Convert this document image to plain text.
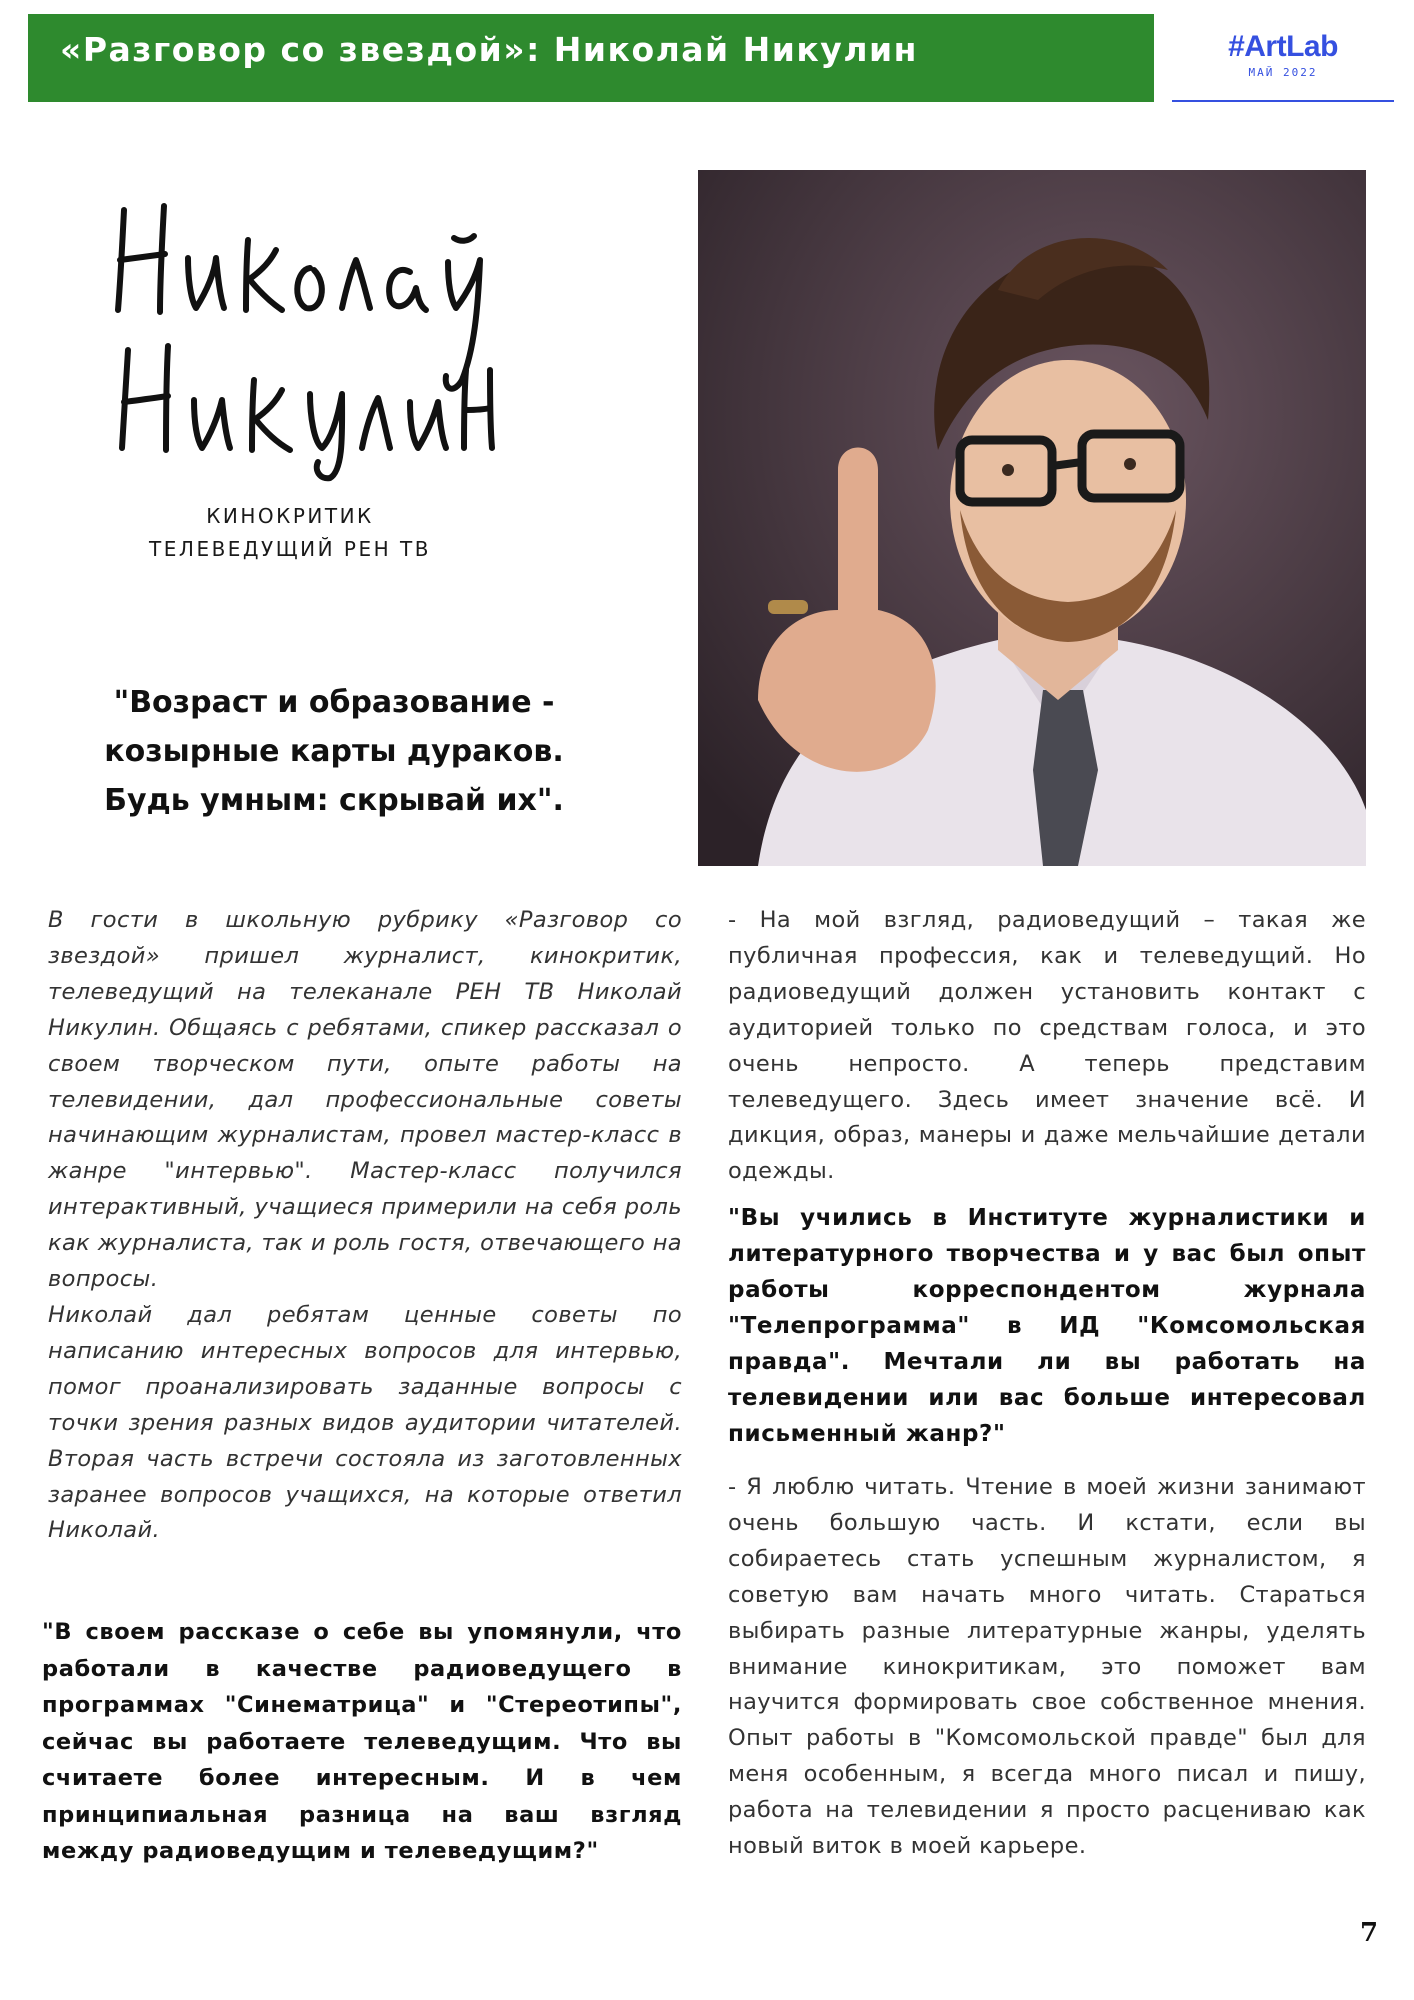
«Разговор со звездой»: Николай Никулин	#ArtLab
МАЙ 2022
КИНОКРИТИК
ТЕЛЕВЕДУЩИЙ РЕН ТВ
"Возраст и образование - козырные карты дураков. Будь умным: скрывай их".

В гости в школьную рубрику «Разговор со звездой» пришел журналист, кинокритик, телеведущий на телеканале РЕН ТВ Николай Никулин. Общаясь с ребятами, спикер рассказал о своем творческом пути, опыте работы на телевидении, дал профессиональные советы начинающим журналистам, провел мастер-класс в жанре "интервью". Мастер-класс получился интерактивный, учащиеся примерили на себя роль как журналиста, так и роль гостя, отвечающего на вопросы.

Николай дал ребятам ценные советы по написанию интересных вопросов для интервью, помог проанализировать заданные вопросы с точки зрения разных видов аудитории читателей. Вторая часть встречи состояла из заготовленных заранее вопросов учащихся, на которые ответил Николай.

"В своем рассказе о себе вы упомянули, что работали в качестве радиоведущего в программах "Синематрица" и "Стереотипы", сейчас вы работаете телеведущим. Что вы считаете более интересным. И в чем принципиальная разница на ваш взгляд между радиоведущим и телеведущим?"

- На мой взгляд, радиоведущий – такая же публичная профессия, как и телеведущий. Но радиоведущий должен установить контакт с аудиторией только по средствам голоса, и это очень непросто. А теперь представим телеведущего. Здесь имеет значение всё. И дикция, образ, манеры и даже мельчайшие детали одежды.

"Вы учились в Институте журналистики и литературного творчества и у вас был опыт работы корреспондентом журнала "Телепрограмма" в ИД "Комсомольская правда". Мечтали ли вы работать на телевидении или вас больше интересовал письменный жанр?"

- Я люблю читать. Чтение в моей жизни занимают очень большую часть. И кстати, если вы собираетесь стать успешным журналистом, я советую вам начать много читать. Стараться выбирать разные литературные жанры, уделять внимание кинокритикам, это поможет вам научится формировать свое собственное мнения. Опыт работы в "Комсомольской правде" был для меня особенным, я всегда много писал и пишу, работа на телевидении я просто расцениваю как новый виток в моей карьере.

7
